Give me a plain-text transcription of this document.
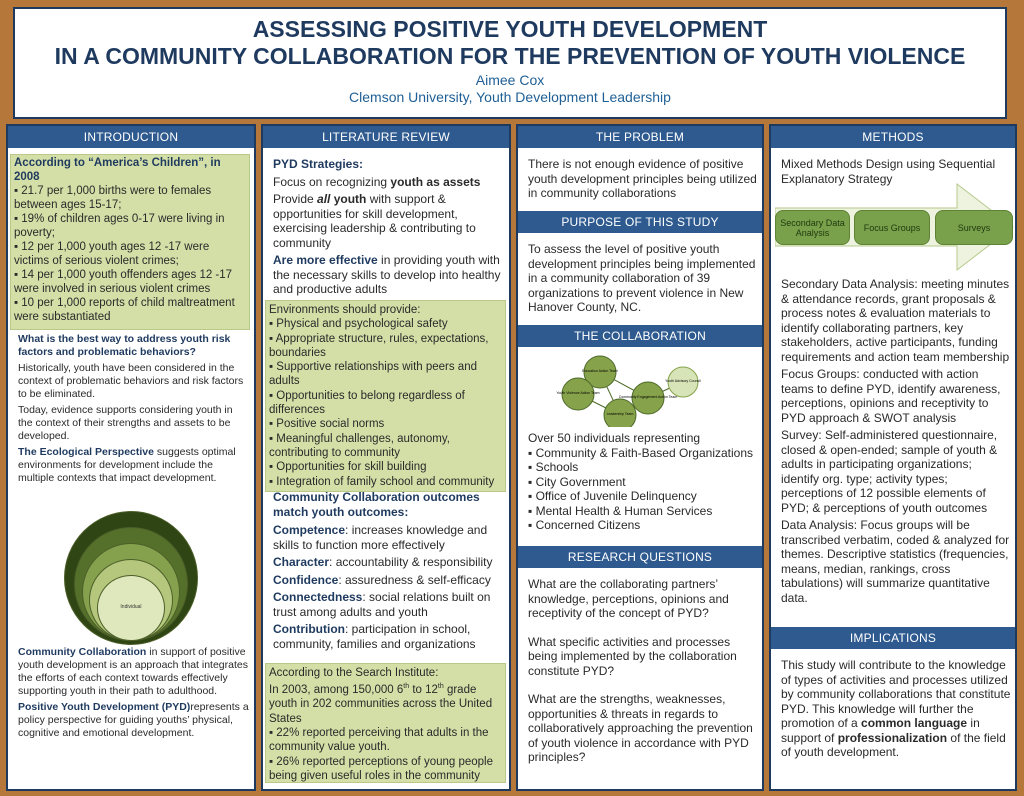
ASSESSING POSITIVE YOUTH DEVELOPMENT
IN A COMMUNITY COLLABORATION FOR THE PREVENTION OF YOUTH VIOLENCE
Aimee Cox
Clemson University, Youth Development Leadership
INTRODUCTION
According to “America’s Children”, in 2008
▪ 21.7 per 1,000 births were to females between ages 15-17;
▪ 19% of children ages 0-17 were living in poverty;
▪ 12 per 1,000 youth ages 12 -17 were victims of serious violent crimes;
▪ 14 per 1,000 youth offenders ages 12 -17 were involved in serious violent crimes
▪ 10 per 1,000 reports of child maltreatment were substantiated

What is the best way to address youth risk factors and problematic behaviors?

Historically, youth have been considered in the context of problematic behaviors and risk factors to be eliminated.

Today, evidence supports considering youth in the context of their strengths and assets to be developed.

The Ecological Perspective suggests optimal environments for development include the multiple contexts that impact development.

Individual

Community Collaboration in support of positive youth development is an approach that integrates the efforts of each context towards effectively supporting youth in their path to adulthood.

Positive Youth Development (PYD)represents a policy perspective for guiding youths’ physical, cognitive and emotional development.

LITERATURE REVIEW

PYD Strategies:

Focus on recognizing youth as assets

Provide all youth with support & opportunities for skill development, exercising leadership & contributing to community

Are more effective in providing youth with the necessary skills to develop into healthy and productive adults

Environments should provide:
▪ Physical and psychological safety
▪ Appropriate structure, rules, expectations, boundaries
▪ Supportive relationships with peers and adults
▪ Opportunities to belong regardless of differences
▪ Positive social norms
▪ Meaningful challenges, autonomy, contributing to community
▪ Opportunities for skill building
▪ Integration of family school and community

Community Collaboration outcomes match youth outcomes:

Competence: increases knowledge and skills to function more effectively

Character: accountability & responsibility

Confidence: assuredness & self-efficacy

Connectedness: social relations built on trust among adults and youth

Contribution: participation in school, community, families and organizations

According to the Search Institute:
In 2003, among 150,000 6th to 12th grade youth in 202 communities across the United States
▪ 22% reported perceiving that adults in the community value youth.
▪ 26% reported perceptions of young people being given useful roles in the community
THE PROBLEM

There is not enough evidence of positive youth development principles being utilized in community collaborations

PURPOSE OF THIS STUDY

To assess the level of positive youth development principles being implemented in a community collaboration of 39 organizations to prevent violence in New Hanover County, NC.

THE COLLABORATION
Education Action Team
Youth Advisory Council
Youth Violence Action Team
Community Engagement Action Team
Leadership Team
Over 50 individuals representing
▪ Community & Faith-Based Organizations
▪ Schools
▪ City Government
▪ Office of Juvenile Delinquency
▪ Mental Health & Human Services
▪ Concerned Citizens
RESEARCH QUESTIONS

What are the collaborating partners’ knowledge, perceptions, opinions and receptivity of the concept of PYD?

What specific activities and processes being implemented by the collaboration constitute PYD?

What are the strengths, weaknesses, opportunities & threats in regards to collaboratively approaching the prevention of youth violence in accordance with PYD principles?

METHODS

Mixed Methods Design using Sequential Explanatory Strategy

Secondary Data Analysis	Focus Groups	Surveys

Secondary Data Analysis: meeting minutes & attendance records, grant proposals & process notes & evaluation materials to identify collaborating partners, key stakeholders, active participants, funding requirements and action team membership

Focus Groups: conducted with action teams to define PYD, identify awareness, perceptions, opinions and receptivity to PYD approach & SWOT analysis

Survey: Self-administered questionnaire, closed & open-ended; sample of youth & adults in participating organizations; identify org. type; activity types; perceptions of 12 possible elements of PYD; & perceptions of youth outcomes

Data Analysis: Focus groups will be transcribed verbatim, coded & analyzed for themes. Descriptive statistics (frequencies, means, median, rankings, cross tabulations) will summarize quantitative data.

IMPLICATIONS

This study will contribute to the knowledge of types of activities and processes utilized by community collaborations that constitute PYD. This knowledge will further the promotion of a common language in support of professionalization of the field of youth development.
